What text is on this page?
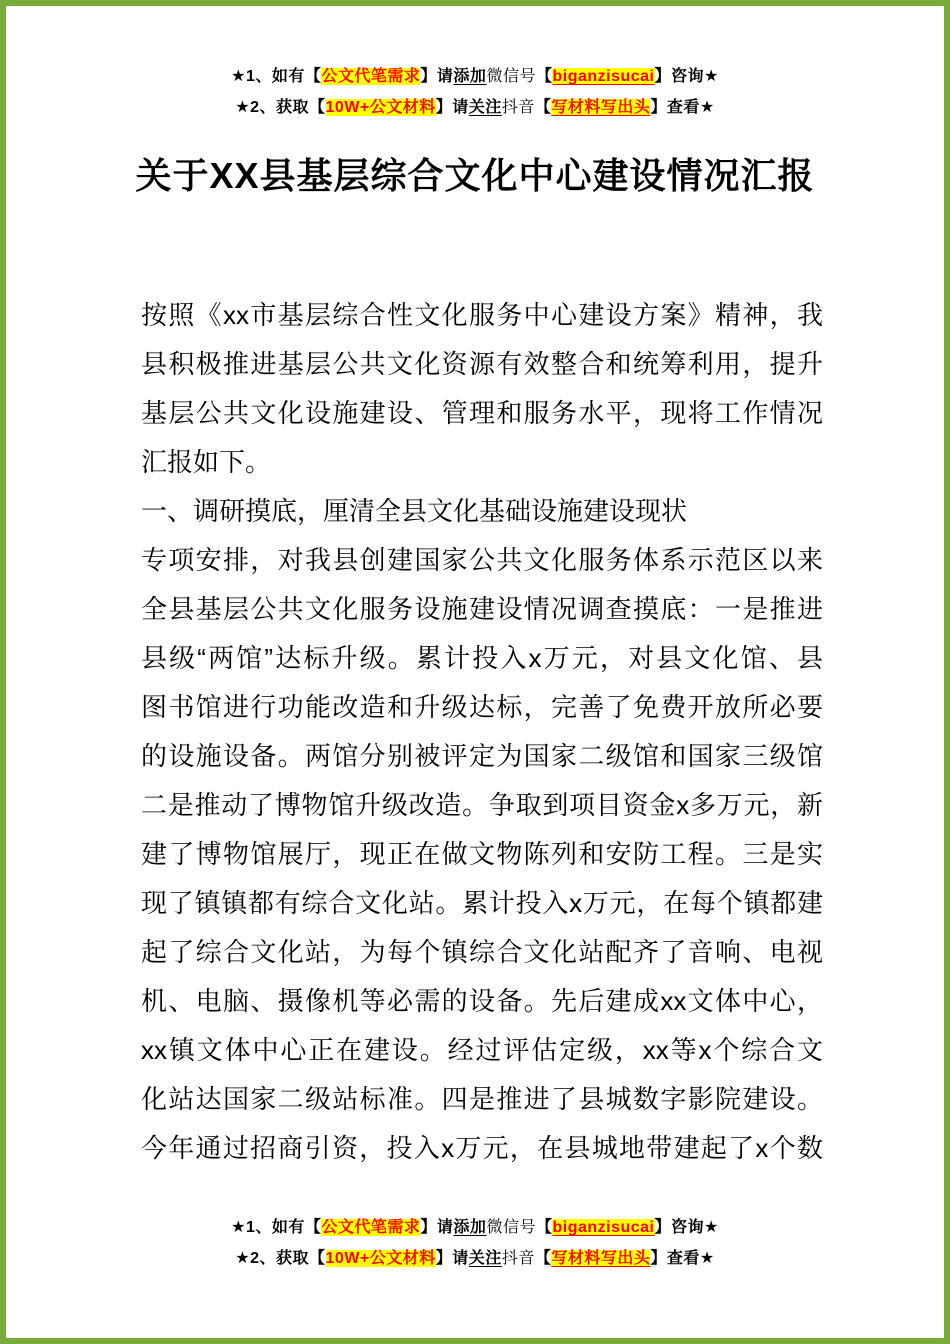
★1、如有【公文代笔需求】请添加微信号【biganzisucai】咨询★
★2、获取【10W+公文材料】请关注抖音【写材料写出头】查看★
关于XX县基层综合文化中心建设情况汇报
按照《xx市基层综合性文化服务中心建设方案》精神，我
县积极推进基层公共文化资源有效整合和统筹利用，提升
基层公共文化设施建设、管理和服务水平，现将工作情况
汇报如下。
一、调研摸底，厘清全县文化基础设施建设现状
专项安排，对我县创建国家公共文化服务体系示范区以来
全县基层公共文化服务设施建设情况调查摸底：一是推进
县级“两馆”达标升级。累计投入x万元，对县文化馆、县
图书馆进行功能改造和升级达标，完善了免费开放所必要
的设施设备。两馆分别被评定为国家二级馆和国家三级馆
二是推动了博物馆升级改造。争取到项目资金x多万元，新
建了博物馆展厅，现正在做文物陈列和安防工程。三是实
现了镇镇都有综合文化站。累计投入x万元，在每个镇都建
起了综合文化站，为每个镇综合文化站配齐了音响、电视
机、电脑、摄像机等必需的设备。先后建成xx文体中心，
xx镇文体中心正在建设。经过评估定级，xx等x个综合文
化站达国家二级站标准。四是推进了县城数字影院建设。
今年通过招商引资，投入x万元，在县城地带建起了x个数
★1、如有【公文代笔需求】请添加微信号【biganzisucai】咨询★
★2、获取【10W+公文材料】请关注抖音【写材料写出头】查看★
